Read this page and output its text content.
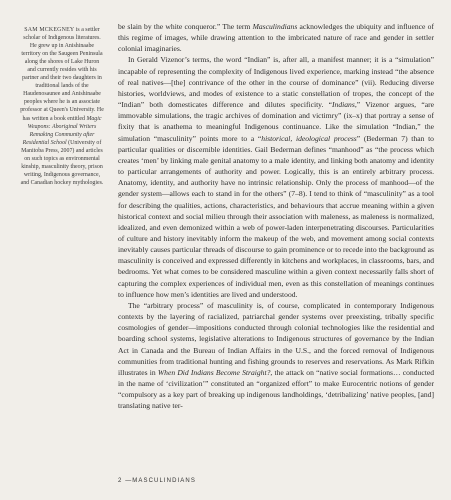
SAM MCKEGNEY is a settler scholar of Indigenous literatures. He grew up in Anishinaabe territory on the Saugeen Peninsula along the shores of Lake Huron and currently resides with his partner and their two daughters in traditional lands of the Haudenosaunee and Anishinaabe peoples where he is an associate professor at Queen's University. He has written a book entitled Magic Weapons: Aboriginal Writers Remaking Community after Residential School (University of Manitoba Press, 2007) and articles on such topics as environmental kinship, masculinity theory, prison writing, Indigenous governance, and Canadian hockey mythologies.

be slain by the white conqueror.” The term Masculindians acknowledges the ubiquity and influence of this regime of images, while drawing attention to the imbricated nature of race and gender in settler colonial imaginaries.

In Gerald Vizenor’s terms, the word “Indian” is, after all, a manifest manner; it is a “simulation” incapable of representing the complexity of Indigenous lived experience, marking instead “the absence of real natives—[the] contrivance of the other in the course of dominance” (vii). Reducing diverse histories, worldviews, and modes of existence to a static constellation of tropes, the concept of the “Indian” both domesticates difference and dilutes specificity. “Indians,” Vizenor argues, “are immovable simulations, the tragic archives of domination and victimry” (ix–x) that portray a sense of fixity that is anathema to meaningful Indigenous continuance. Like the simulation “Indian,” the simulation “masculinity” points more to a “historical, ideological process” (Bederman 7) than to particular qualities or discernible identities. Gail Bederman defines “manhood” as “the process which creates ‘men’ by linking male genital anatomy to a male identity, and linking both anatomy and identity to particular arrangements of authority and power. Logically, this is an entirely arbitrary process. Anatomy, identity, and authority have no intrinsic relationship. Only the process of manhood—of the gender system—allows each to stand in for the others” (7–8). I tend to think of “masculinity” as a tool for describing the qualities, actions, characteristics, and behaviours that accrue meaning within a given historical context and social milieu through their association with maleness, as maleness is normalized, idealized, and even demonized within a web of power-laden interpenetrating discourses. Particularities of culture and history inevitably inform the makeup of the web, and movement among social contexts inevitably causes particular threads of discourse to gain prominence or to recede into the background as masculinity is conceived and expressed differently in kitchens and workplaces, in classrooms, bars, and bedrooms. Yet what comes to be considered masculine within a given context necessarily falls short of capturing the complex experiences of individual men, even as this constellation of meanings continues to influence how men’s identities are lived and understood.

The “arbitrary process” of masculinity is, of course, complicated in contemporary Indigenous contexts by the layering of racialized, patriarchal gender systems over preexisting, tribally specific cosmologies of gender—impositions conducted through colonial technologies like the residential and boarding school systems, legislative alterations to Indigenous structures of governance by the Indian Act in Canada and the Bureau of Indian Affairs in the U.S., and the forced removal of Indigenous communities from traditional hunting and fishing grounds to reserves and reservations. As Mark Rifkin illustrates in When Did Indians Become Straight?, the attack on “native social formations… conducted in the name of ‘civilization’” constituted an “organized effort” to make Eurocentric notions of gender “compulsory as a key part of breaking up indigenous landholdings, ‘detribalizing’ native peoples, [and] translating native ter-

2 —MASCULINDIANS
